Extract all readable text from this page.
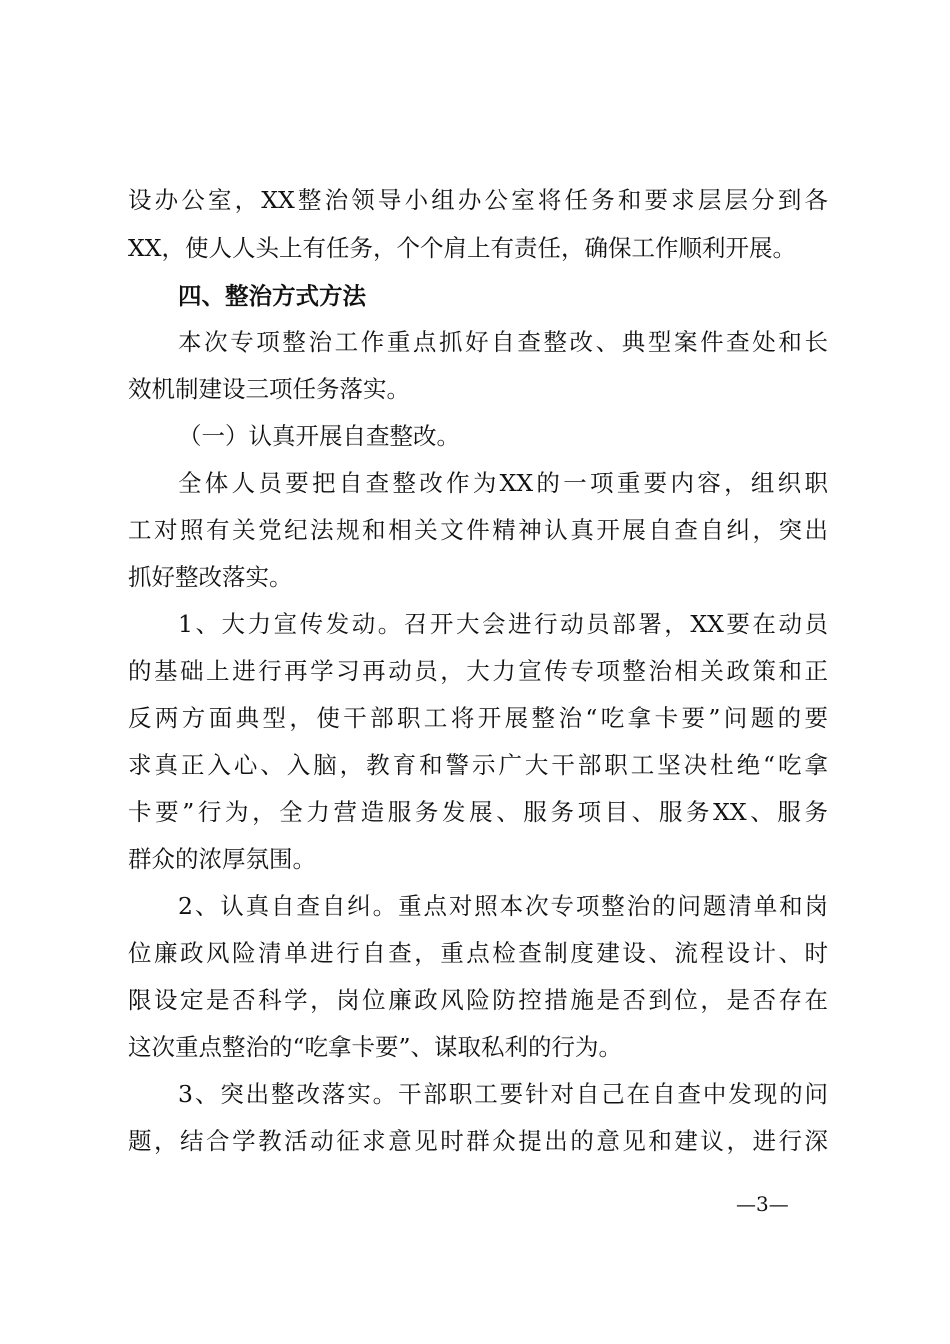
设办公室，XX整治领导小组办公室将任务和要求层层分到各
XX，使人人头上有任务，个个肩上有责任，确保工作顺利开展。
四、整治方式方法
本次专项整治工作重点抓好自查整改、典型案件查处和长
效机制建设三项任务落实。
（一）认真开展自查整改。
全体人员要把自查整改作为XX的一项重要内容，组织职
工对照有关党纪法规和相关文件精神认真开展自查自纠，突出
抓好整改落实。
1、大力宣传发动。召开大会进行动员部署，XX要在动员
的基础上进行再学习再动员，大力宣传专项整治相关政策和正
反两方面典型，使干部职工将开展整治“吃拿卡要”问题的要
求真正入心、入脑，教育和警示广大干部职工坚决杜绝“吃拿
卡要”行为，全力营造服务发展、服务项目、服务XX、服务
群众的浓厚氛围。
2、认真自查自纠。重点对照本次专项整治的问题清单和岗
位廉政风险清单进行自查，重点检查制度建设、流程设计、时
限设定是否科学，岗位廉政风险防控措施是否到位，是否存在
这次重点整治的“吃拿卡要”、谋取私利的行为。
3、突出整改落实。干部职工要针对自己在自查中发现的问
题，结合学教活动征求意见时群众提出的意见和建议，进行深
—3—
